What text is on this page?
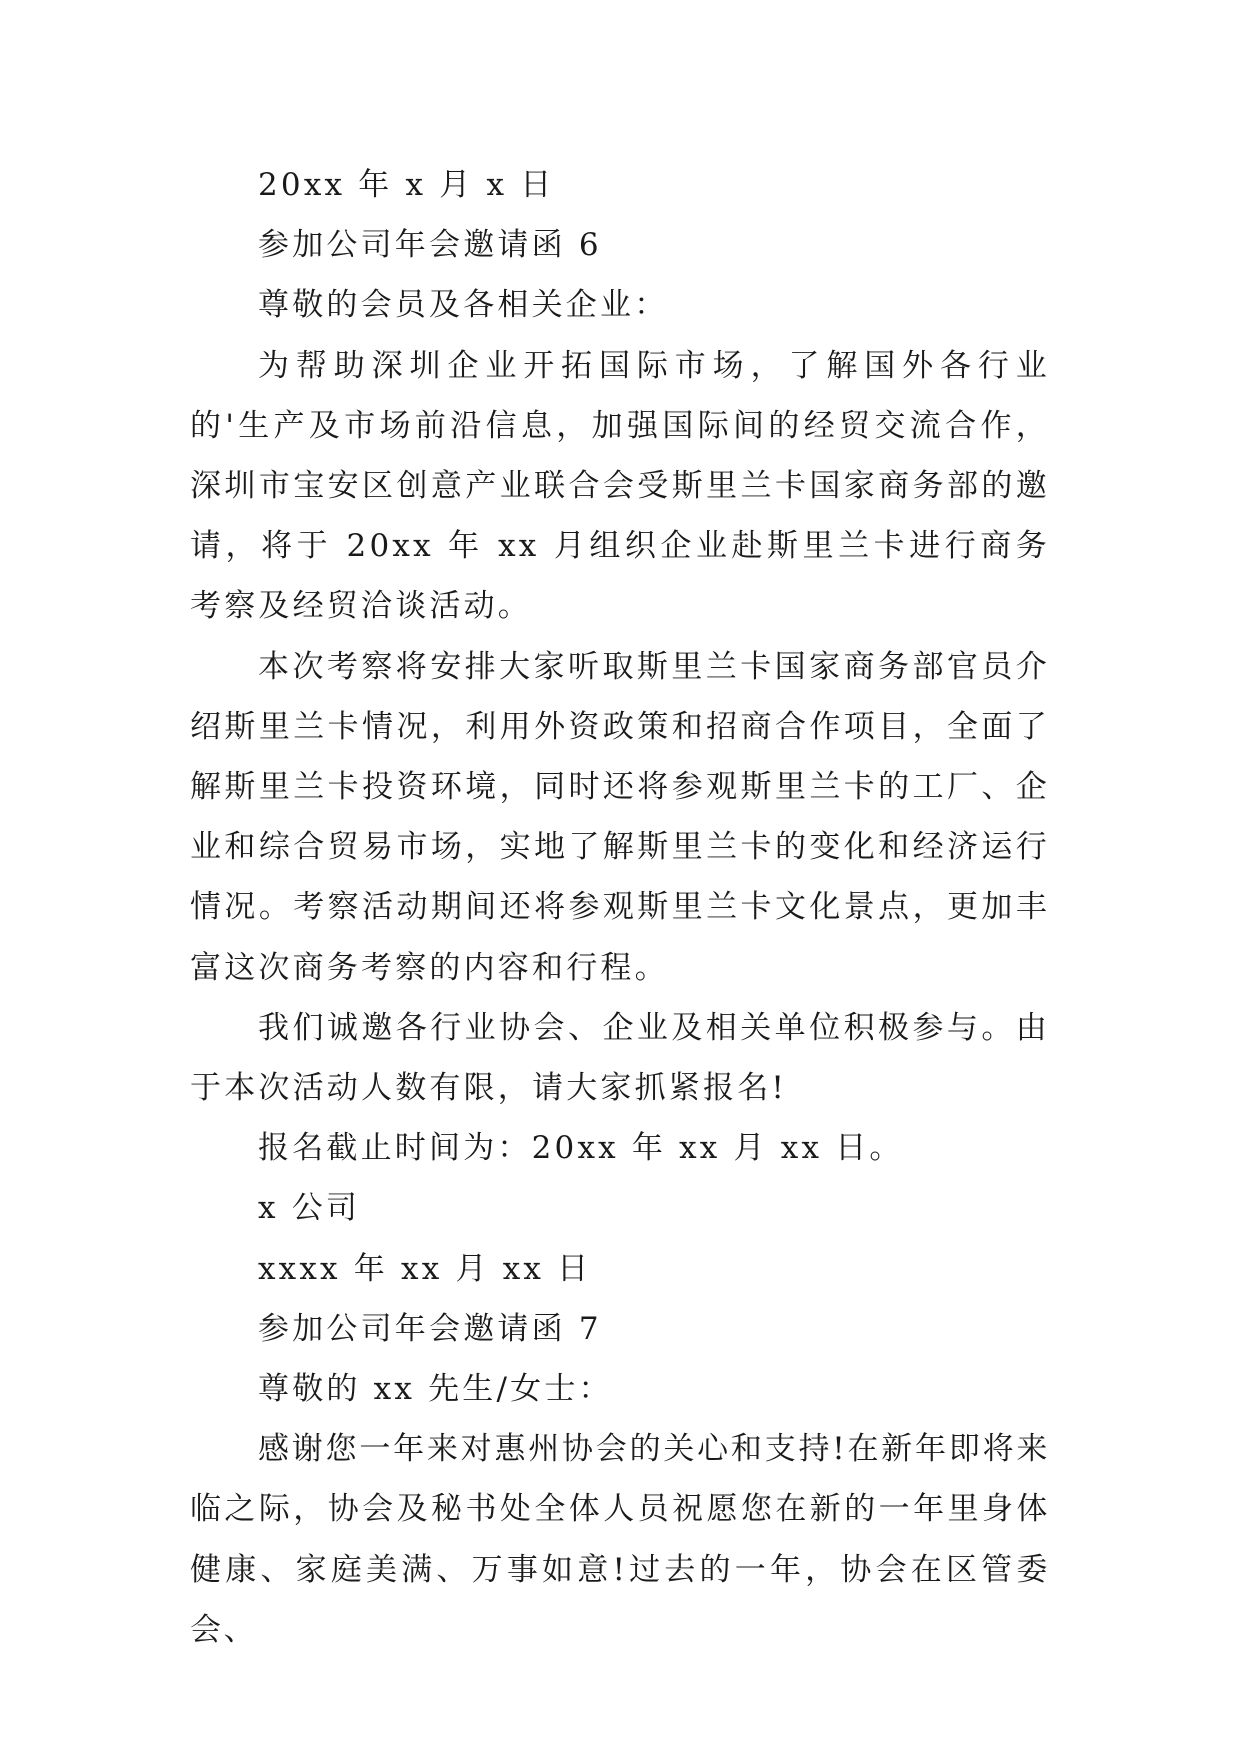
20xx 年 x 月 x 日

参加公司年会邀请函 6

尊敬的会员及各相关企业：

为帮助深圳企业开拓国际市场，了解国外各行业的'生产及市场前沿信息，加强国际间的经贸交流合作，深圳市宝安区创意产业联合会受斯里兰卡国家商务部的邀请，将于 20xx 年 xx 月组织企业赴斯里兰卡进行商务考察及经贸洽谈活动。

本次考察将安排大家听取斯里兰卡国家商务部官员介绍斯里兰卡情况，利用外资政策和招商合作项目，全面了解斯里兰卡投资环境，同时还将参观斯里兰卡的工厂、企业和综合贸易市场，实地了解斯里兰卡的变化和经济运行情况。考察活动期间还将参观斯里兰卡文化景点，更加丰富这次商务考察的内容和行程。

我们诚邀各行业协会、企业及相关单位积极参与。由于本次活动人数有限，请大家抓紧报名!

报名截止时间为：20xx 年 xx 月 xx 日。

x 公司

xxxx 年 xx 月 xx 日

参加公司年会邀请函 7

尊敬的 xx 先生/女士：

感谢您一年来对惠州协会的关心和支持!在新年即将来临之际，协会及秘书处全体人员祝愿您在新的一年里身体健康、家庭美满、万事如意!过去的一年，协会在区管委会、
